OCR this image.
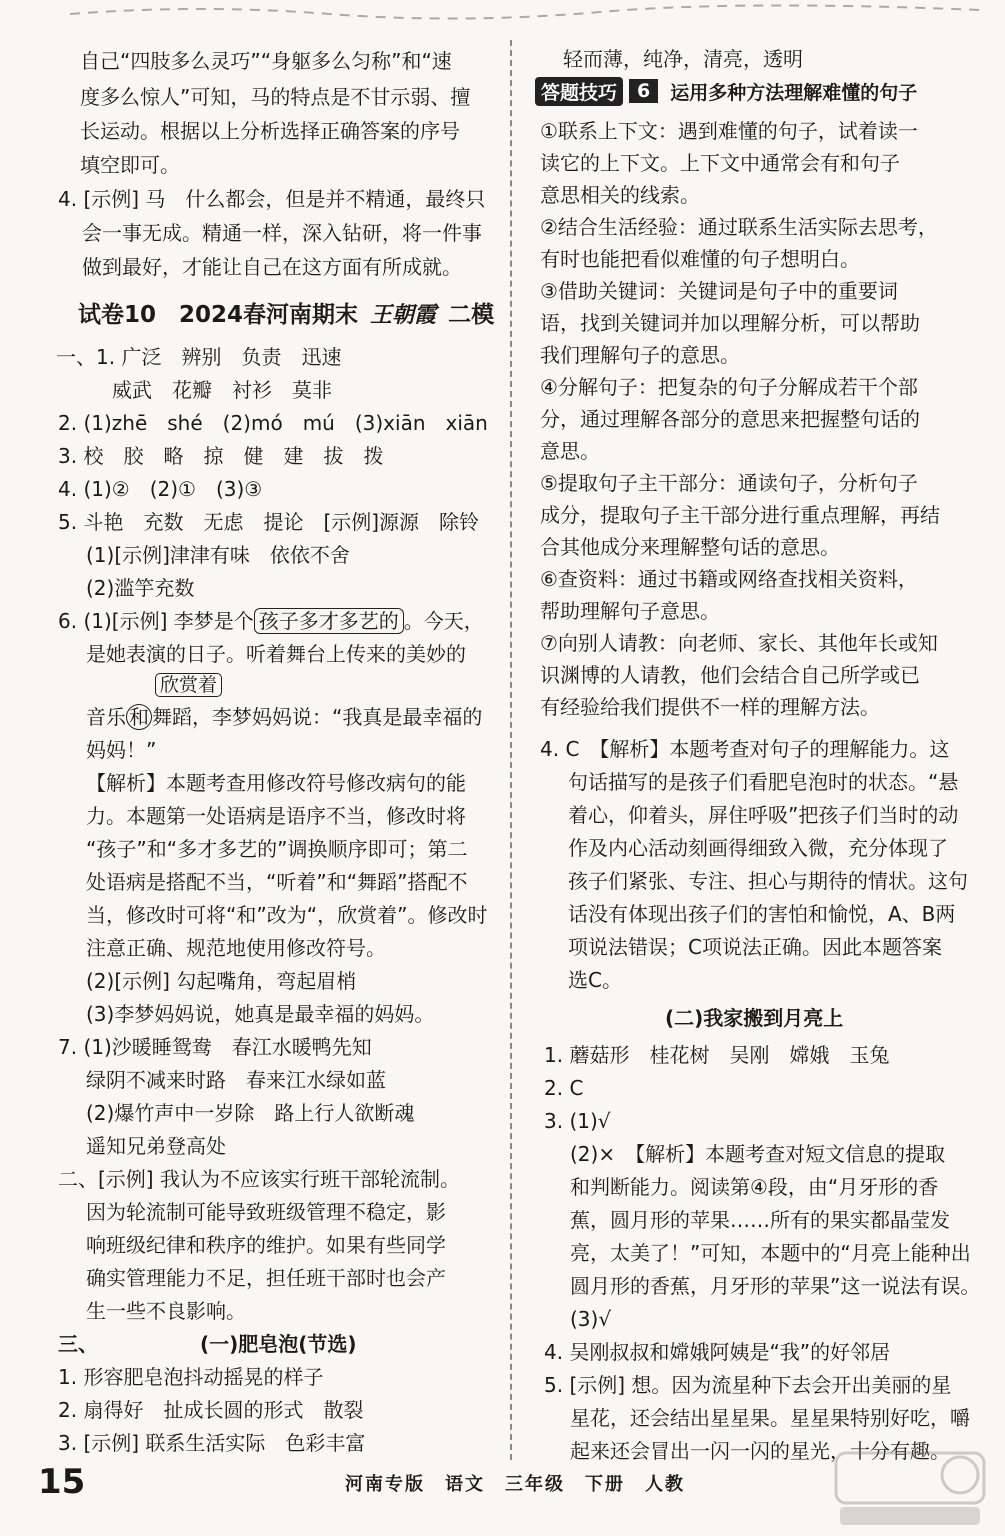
自己“四肢多么灵巧”“身躯多么匀称”和“速
度多么惊人”可知，马的特点是不甘示弱、擅
长运动。根据以上分析选择正确答案的序号
填空即可。
4. [示例] 马　什么都会，但是并不精通，最终只
会一事无成。精通一样，深入钻研，将一件事
做到最好，才能让自己在这方面有所成就。
试卷10　2024春河南期末 王朝霞 二模
一、1. 广泛　辨别　负责　迅速
威武　花瓣　衬衫　莫非
2. (1)zhē　shé　(2)mó　mú　(3)xiān　xiān
3. 校　胶　略　掠　健　建　拔　拨
4. (1)②　(2)①　(3)③
5. 斗艳　充数　无虑　提论　[示例]源源　除铃
(1)[示例]津津有味　依依不舍
(2)滥竽充数
6. (1)[示例] 李梦是个 孩子多才多艺的 。今天，
是她表演的日子。听着舞台上传来的美妙的
欣赏着
音乐 和 舞蹈，李梦妈妈说：“我真是最幸福的
妈妈！”
【解析】本题考查用修改符号修改病句的能
力。本题第一处语病是语序不当，修改时将
“孩子”和“多才多艺的”调换顺序即可；第二
处语病是搭配不当，“听着”和“舞蹈”搭配不
当，修改时可将“和”改为“，欣赏着”。修改时
注意正确、规范地使用修改符号。
(2)[示例] 勾起嘴角，弯起眉梢
(3)李梦妈妈说，她真是最幸福的妈妈。
7. (1)沙暖睡鸳鸯　春江水暖鸭先知
绿阴不减来时路　春来江水绿如蓝
(2)爆竹声中一岁除　路上行人欲断魂
遥知兄弟登高处
二、[示例] 我认为不应该实行班干部轮流制。
因为轮流制可能导致班级管理不稳定，影
响班级纪律和秩序的维护。如果有些同学
确实管理能力不足，担任班干部时也会产
生一些不良影响。
三、	(一)肥皂泡(节选)
1. 形容肥皂泡抖动摇晃的样子
2. 扇得好　扯成长圆的形式　散裂
3. [示例] 联系生活实际　色彩丰富
轻而薄，纯净，清亮，透明
答题技巧	6	运用多种方法理解难懂的句子
①联系上下文：遇到难懂的句子，试着读一
读它的上下文。上下文中通常会有和句子
意思相关的线索。
②结合生活经验：通过联系生活实际去思考，
有时也能把看似难懂的句子想明白。
③借助关键词：关键词是句子中的重要词
语，找到关键词并加以理解分析，可以帮助
我们理解句子的意思。
④分解句子：把复杂的句子分解成若干个部
分，通过理解各部分的意思来把握整句话的
意思。
⑤提取句子主干部分：通读句子，分析句子
成分，提取句子主干部分进行重点理解，再结
合其他成分来理解整句话的意思。
⑥查资料：通过书籍或网络查找相关资料，
帮助理解句子意思。
⑦向别人请教：向老师、家长、其他年长或知
识渊博的人请教，他们会结合自己所学或已
有经验给我们提供不一样的理解方法。
4. C　【解析】本题考查对句子的理解能力。这
句话描写的是孩子们看肥皂泡时的状态。“悬
着心，仰着头，屏住呼吸”把孩子们当时的动
作及内心活动刻画得细致入微，充分体现了
孩子们紧张、专注、担心与期待的情状。这句
话没有体现出孩子们的害怕和愉悦，A、B两
项说法错误；C项说法正确。因此本题答案
选C。
(二)我家搬到月亮上
1. 蘑菇形　桂花树　吴刚　嫦娥　玉兔
2. C
3. (1)√
(2)×　【解析】本题考查对短文信息的提取
和判断能力。阅读第④段，由“月牙形的香
蕉，圆月形的苹果……所有的果实都晶莹发
亮，太美了！”可知，本题中的“月亮上能种出
圆月形的香蕉，月牙形的苹果”这一说法有误。
(3)√
4. 吴刚叔叔和嫦娥阿姨是“我”的好邻居
5. [示例] 想。因为流星种下去会开出美丽的星
星花，还会结出星星果。星星果特别好吃，嚼
起来还会冒出一闪一闪的星光，十分有趣。
15	河南专版　语文　三年级　下册　人教
